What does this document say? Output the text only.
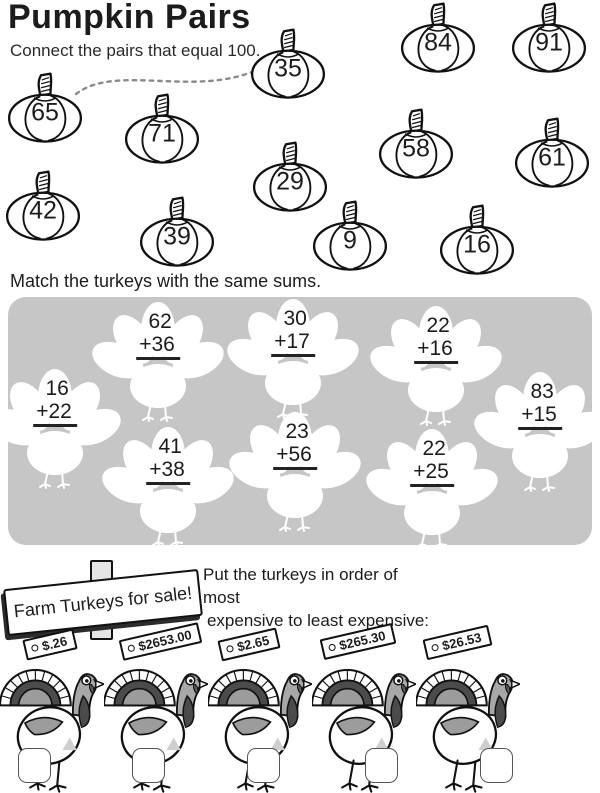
Pumpkin Pairs
Connect the pairs that equal 100.
65
35
84	91
71
58	61
42
29
39	9	16
Match the turkeys with the same sums.
62
+36
30
+17
22
+16
16
+22
83
+15
23
+56
41
+38
22
+25
Farm Turkeys for sale!
Put the turkeys in order of most
expensive to least expensive:
$.26	$2653.00	$2.65	$265.30	$26.53
